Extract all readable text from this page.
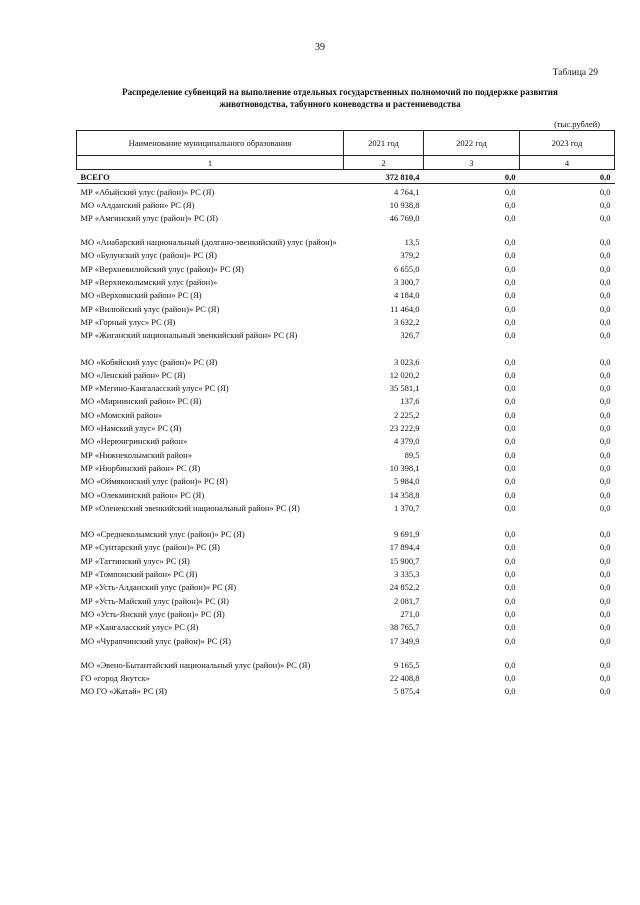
39
Таблица 29
Распределение субвенций на выполнение отдельных государственных полномочий по поддержке развития
животноводства, табунного коневодства и растениеводства
(тыс.рублей)
Наименование муниципального образования	2021 год	2022 год	2023 год
1	2	3	4
ВСЕГО	372 810,4	0,0	0,0
МР «Абыйский улус (район)» РС (Я)	4 764,1	0,0	0,0
МО «Алданский район» РС (Я)	10 938,8	0,0	0,0
МР «Амгинский улус (район)» РС (Я)	46 769,0	0,0	0,0
МО «Анабарский национальный (долгано-эвенкийский) улус (район)»	13,5	0,0	0,0
МО «Булунский улус (район)» РС (Я)	379,2	0,0	0,0
МР «Верхневилюйский улус (район)» РС (Я)	6 655,0	0,0	0,0
МР «Верхнеколымский улус (район)»	3 300,7	0,0	0,0
МО «Верхоянский район» РС (Я)	4 184,0	0,0	0,0
МР «Вилюйский улус (район)» РС (Я)	11 464,0	0,0	0,0
МР «Горный улус» РС (Я)	3 632,2	0,0	0,0
МР «Жиганский национальный эвенкийский район» РС (Я)	326,7	0,0	0,0

МО «Кобяйский улус (район)» РС (Я)	3 023,6	0,0	0,0
МО «Ленский район» РС (Я)	12 020,2	0,0	0,0
МР «Мегино-Кангаласский улус» РС (Я)	35 581,1	0,0	0,0
МО «Мирнинский район» РС (Я)	137,6	0,0	0,0
МО «Момский район»	2 225,2	0,0	0,0
МО «Намский улус» РС (Я)	23 222,9	0,0	0,0
МО «Нерюнгринский район»	4 379,0	0,0	0,0
МР «Нижнеколымский район»	89,5	0,0	0,0
МР «Нюрбинский район» РС (Я)	10 398,1	0,0	0,0
МО «Оймяконский улус (район)» РС (Я)	5 984,0	0,0	0,0
МО «Олекминский район» РС (Я)	14 358,8	0,0	0,0
МР «Оленекский эвенкийский национальный район» РС (Я)	1 370,7	0,0	0,0

МО «Среднеколымский улус (район)» РС (Я)	9 691,9	0,0	0,0
МР «Сунтарский улус (район)» РС (Я)	17 894,4	0,0	0,0
МР «Таттинский улус» РС (Я)	15 900,7	0,0	0,0
МР «Томпонский район» РС (Я)	3 335,3	0,0	0,0
МР «Усть-Алданский улус (район)» РС (Я)	24 852,2	0,0	0,0
МР «Усть-Майский улус (район)» РС (Я)	2 081,7	0,0	0,0
МО «Усть-Янский улус (район)» РС (Я)	271,0	0,0	0,0
МР «Хангаласский улус» РС (Я)	38 765,7	0,0	0,0
МО «Чурапчинский улус (район)» РС (Я)	17 349,9	0,0	0,0
МО «Эвено-Бытантайский национальный улус (район)» РС (Я)	9 165,5	0,0	0,0
ГО «город Якутск»	22 408,8	0,0	0,0
МО ГО «Жатай» РС (Я)	5 875,4	0,0	0,0
